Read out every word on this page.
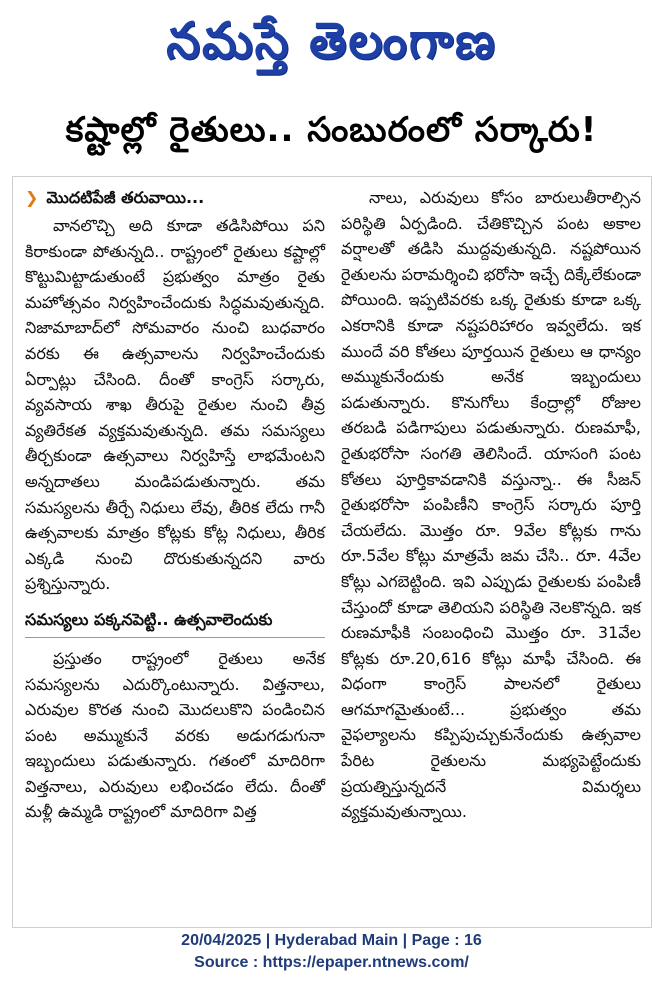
నమస్తే తెలంగాణ
కష్టాల్లో రైతులు.. సంబురంలో సర్కారు!
❯ మొదటిపేజీ తరువాయి...

వానలొచ్చి అది కూడా తడిసిపోయి పని కిరాకుండా పోతున్నది.. రాష్ట్రంలో రైతులు కష్టాల్లో కొట్టుమిట్టాడుతుంటే ప్రభుత్వం మాత్రం రైతు మహోత్సవం నిర్వహించేందుకు సిద్ధమవుతున్నది. నిజామాబాద్‌లో సోమవారం నుంచి బుధవారం వరకు ఈ ఉత్సవాలను నిర్వహించేందుకు ఏర్పాట్లు చేసింది. దీంతో కాంగ్రెస్ సర్కారు, వ్యవసాయ శాఖ తీరుపై రైతుల నుంచి తీవ్ర వ్యతిరేకత వ్యక్తమవుతున్నది. తమ సమస్యలు తీర్చకుండా ఉత్సవాలు నిర్వహిస్తే లాభమేంటని అన్నదాతలు మండిపడుతున్నారు. తమ సమస్యలను తీర్చే నిధులు లేవు, తీరిక లేదు గానీ ఉత్సవాలకు మాత్రం కోట్లకు కోట్ల నిధులు, తీరిక ఎక్కడి నుంచి దొరుకుతున్నదని వారు ప్రశ్నిస్తున్నారు.

సమస్యలు పక్కనపెట్టి.. ఉత్సవాలెందుకు

ప్రస్తుతం రాష్ట్రంలో రైతులు అనేక సమస్యలను ఎదుర్కొంటున్నారు. విత్తనాలు, ఎరువుల కొరత నుంచి మొదలుకొని పండించిన పంట అమ్ముకునే వరకు అడుగడుగునా ఇబ్బందులు పడుతున్నారు. గతంలో మాదిరిగా విత్తనాలు, ఎరువులు లభించడం లేదు. దీంతో మళ్లీ ఉమ్మడి రాష్ట్రంలో మాదిరిగా విత్త

నాలు, ఎరువులు కోసం బారులుతీరాల్సిన పరిస్థితి ఏర్పడింది. చేతికొచ్చిన పంట అకాల వర్షాలతో తడిసి ముద్దవుతున్నది. నష్టపోయిన రైతులను పరామర్శించి భరోసా ఇచ్చే దిక్కేలేకుండా పోయింది. ఇప్పటివరకు ఒక్క రైతుకు కూడా ఒక్క ఎకరానికి కూడా నష్టపరిహారం ఇవ్వలేదు. ఇక ముందే వరి కోతలు పూర్తయిన రైతులు ఆ ధాన్యం అమ్ముకునేందుకు అనేక ఇబ్బందులు పడుతున్నారు. కొనుగోలు కేంద్రాల్లో రోజుల తరబడి పడిగాపులు పడుతున్నారు. రుణమాఫీ, రైతుభరోసా సంగతి తెలిసిందే. యాసంగి పంట కోతలు పూర్తికావడానికి వస్తున్నా.. ఈ సీజన్ రైతుభరోసా పంపిణీని కాంగ్రెస్ సర్కారు పూర్తి చేయలేదు. మొత్తం రూ. 9వేల కోట్లకు గాను రూ.5వేల కోట్లు మాత్రమే జమ చేసి.. రూ. 4వేల కోట్లు ఎగబెట్టింది. ఇవి ఎప్పుడు రైతులకు పంపిణీ చేస్తుందో కూడా తెలియని పరిస్థితి నెలకొన్నది. ఇక రుణమాఫీకి సంబంధించి మొత్తం రూ. 31వేల కోట్లకు రూ.20,616 కోట్లు మాఫీ చేసింది. ఈ విధంగా కాంగ్రెస్ పాలనలో రైతులు ఆగమాగమైతుంటే... ప్రభుత్వం తమ వైఫల్యాలను కప్పిపుచ్చుకునేందుకు ఉత్సవాల పేరిట రైతులను మభ్యపెట్టేందుకు ప్రయత్నిస్తున్నదనే విమర్శలు వ్యక్తమవుతున్నాయి.

20/04/2025 | Hyderabad Main | Page : 16
Source : https://epaper.ntnews.com/
